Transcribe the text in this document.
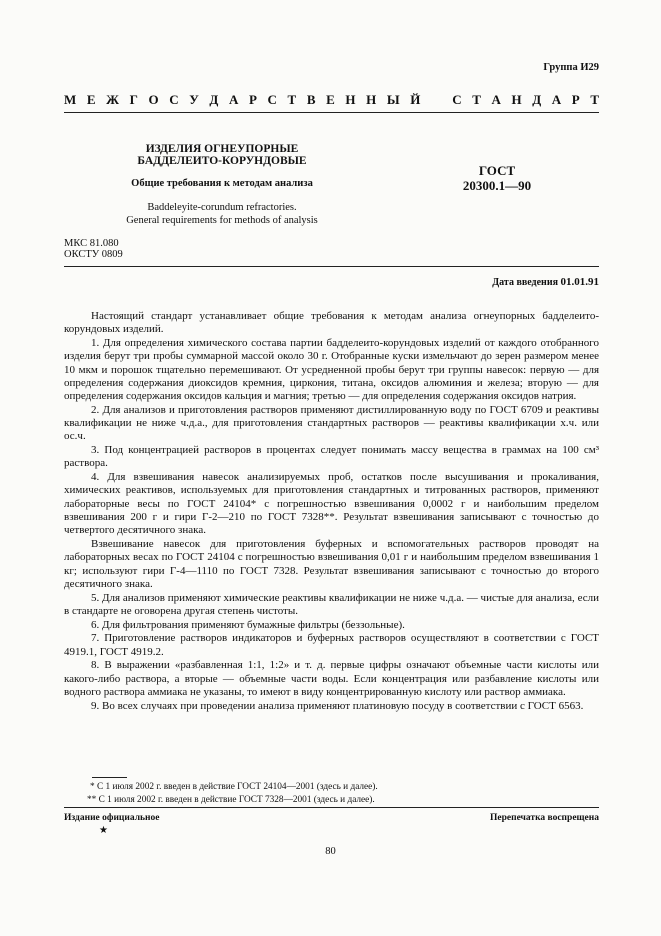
Группа И29
М Е Ж Г О С У Д А Р С Т В Е Н Н Ы Й С Т А Н Д А Р Т
ИЗДЕЛИЯ ОГНЕУПОРНЫЕ
БАДДЕЛЕИТО-КОРУНДОВЫЕ
Общие требования к методам анализа
Baddeleyite-corundum refractories.
General requirements for methods of analysis
ГОСТ
20300.1—90
МКС 81.080
ОКСТУ 0809
Дата введения 01.01.91

Настоящий стандарт устанавливает общие требования к методам анализа огнеупорных бадделеито-корундовых изделий.

1. Для определения химического состава партии бадделеито-корундовых изделий от каждого отобранного изделия берут три пробы суммарной массой около 30 г. Отобранные куски измельчают до зерен размером менее 10 мкм и порошок тщательно перемешивают. От усредненной пробы берут три группы навесок: первую — для определения содержания диоксидов кремния, циркония, титана, оксидов алюминия и железа; вторую — для определения содержания оксидов кальция и магния; третью — для определения содержания оксидов натрия.

2. Для анализов и приготовления растворов применяют дистиллированную воду по ГОСТ 6709 и реактивы квалификации не ниже ч.д.а., для приготовления стандартных растворов — реактивы квалификации х.ч. или ос.ч.

3. Под концентрацией растворов в процентах следует понимать массу вещества в граммах на 100 см³ раствора.

4. Для взвешивания навесок анализируемых проб, остатков после высушивания и прокаливания, химических реактивов, используемых для приготовления стандартных и титрованных растворов, применяют лабораторные весы по ГОСТ 24104* с погрешностью взвешивания 0,0002 г и наибольшим пределом взвешивания 200 г и гири Г-2—210 по ГОСТ 7328**. Результат взвешивания записывают с точностью до четвертого десятичного знака.

Взвешивание навесок для приготовления буферных и вспомогательных растворов проводят на лабораторных весах по ГОСТ 24104 с погрешностью взвешивания 0,01 г и наибольшим пределом взвешивания 1 кг; используют гири Г-4—1110 по ГОСТ 7328. Результат взвешивания записывают с точностью до второго десятичного знака.

5. Для анализов применяют химические реактивы квалификации не ниже ч.д.а. — чистые для анализа, если в стандарте не оговорена другая степень чистоты.

6. Для фильтрования применяют бумажные фильтры (беззольные).

7. Приготовление растворов индикаторов и буферных растворов осуществляют в соответствии с ГОСТ 4919.1, ГОСТ 4919.2.

8. В выражении «разбавленная 1:1, 1:2» и т. д. первые цифры означают объемные части кислоты или какого-либо раствора, а вторые — объемные части воды. Если концентрация или разбавление кислоты или водного раствора аммиака не указаны, то имеют в виду концентрированную кислоту или раствор аммиака.

9. Во всех случаях при проведении анализа применяют платиновую посуду в соответствии с ГОСТ 6563.

* С 1 июля 2002 г. введен в действие ГОСТ 24104—2001 (здесь и далее).
** С 1 июля 2002 г. введен в действие ГОСТ 7328—2001 (здесь и далее).
Издание официальное
★
Перепечатка воспрещена
80
